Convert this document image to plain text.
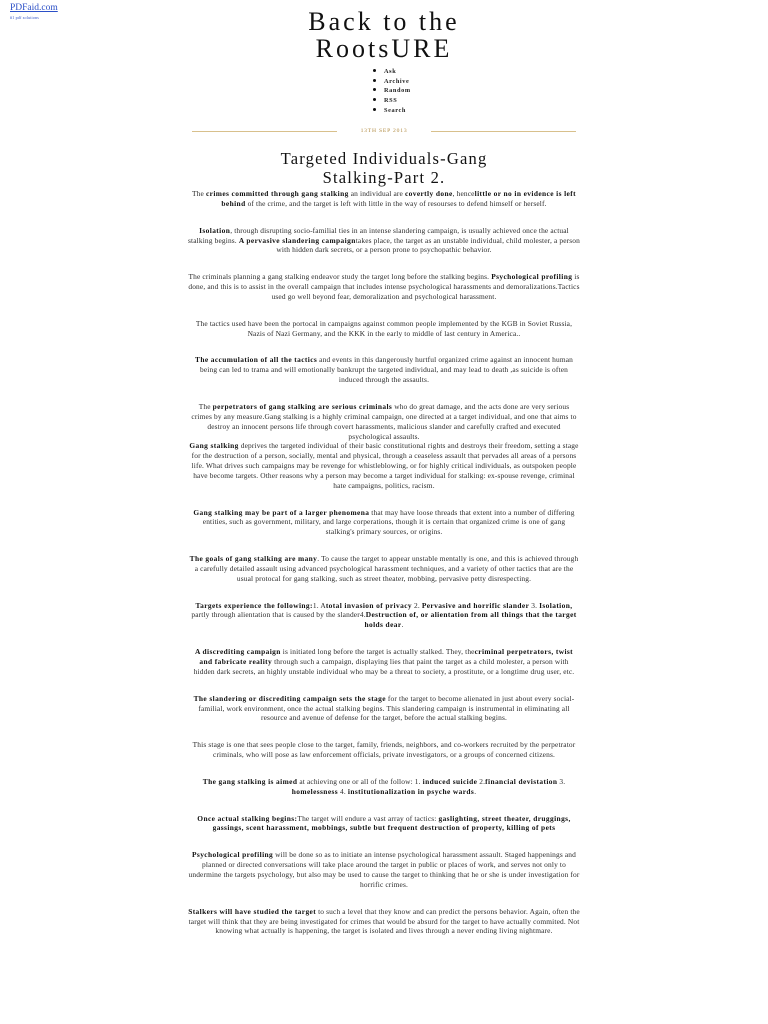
PDFaid.com
#1 pdf solutions	Back to the
RootsURE
Ask
Archive
Random
RSS
Search
13TH SEP 2013
Targeted Individuals-Gang
Stalking-Part 2.

The crimes committed through gang stalking an individual are covertly done, hencelittle or no in evidence is left behind of the crime, and the target is left with little in the way of resourses to defend himself or herself.

Isolation, through disrupting socio-familial ties in an intense slandering campaign, is usually achieved once the actual stalking begins. A pervasive slandering campaigntakes place, the target as an unstable individual, child molester, a person with hidden dark secrets, or a person prone to psychopathic behavior.

The criminals planning a gang stalking endeavor study the target long before the stalking begins. Psychological profiling is done, and this is to assist in the overall campaign that includes intense psychological harassments and demoralizations.Tactics used go well beyond fear, demoralization and psychological harassment.

The tactics used have been the portocal in campaigns against common people implemented by the KGB in Soviet Russia, Nazis of Nazi Germany, and the KKK in the early to middle of last century in America..

The accumulation of all the tactics and events in this dangerously hurtful organized crime against an innocent human being can led to trama and will emotionally bankrupt the targeted individual, and may lead to death ,as suicide is often induced through the assaults.

The perpetrators of gang stalking are serious criminals who do great damage, and the acts done are very serious crimes by any measure.Gang stalking is a highly criminal campaign, one directed at a target individual, and one that aims to destroy an innocent persons life through covert harassments, malicious slander and carefully crafted and executed psychological assaults.
Gang stalking deprives the targeted individual of their basic constitutional rights and destroys their freedom, setting a stage for the destruction of a person, socially, mental and physical, through a ceaseless assault that pervades all areas of a persons life. What drives such campaigns may be revenge for whistleblowing, or for highly critical individuals, as outspoken people have become targets. Other reasons why a person may become a target individual for stalking: ex-spouse revenge, criminal hate campaigns, politics, racism.

Gang stalking may be part of a larger phenomena that may have loose threads that extent into a number of differing entities, such as government, military, and large corperations, though it is certain that organized crime is one of gang stalking's primary sources, or origins.

The goals of gang stalking are many. To cause the target to appear unstable mentally is one, and this is achieved through a carefully detailed assault using advanced psychological harassment techniques, and a variety of other tactics that are the usual protocal for gang stalking, such as street theater, mobbing, pervasive petty disrespecting.

Targets experience the following:1. Atotal invasion of privacy 2. Pervasive and horrific slander 3. Isolation, partly through alientation that is caused by the slander4.Destruction of, or alientation from all things that the target holds dear.

A discrediting campaign is initiated long before the target is actually stalked. They, thecriminal perpetrators, twist and fabricate reality through such a campaign, displaying lies that paint the target as a child molester, a person with hidden dark secrets, an highly unstable individual who may be a threat to society, a prostitute, or a longtime drug user, etc.

The slandering or discrediting campaign sets the stage for the target to become alienated in just about every social-familial, work environment, once the actual stalking begins. This slandering campaign is instrumental in eliminating all resource and avenue of defense for the target, before the actual stalking begins.

This stage is one that sees people close to the target, family, friends, neighbors, and co-workers recruited by the perpetrator criminals, who will pose as law enforcement officials, private investigators, or a groups of concerned citizens.

The gang stalking is aimed at achieving one or all of the follow: 1. induced suicide 2.financial devistation 3. homelessness 4. institutionalization in psyche wards.

Once actual stalking begins:The target will endure a vast array of tactics: gaslighting, street theater, druggings, gassings, scent harassment, mobbings, subtle but frequent destruction of property, killing of pets

Psychological profiling will be done so as to initiate an intense psychological harassment assault. Staged happenings and planned or directed conversations will take place around the target in public or places of work, and serves not only to undermine the targets psychology, but also may be used to cause the target to thinking that he or she is under investigation for horrific crimes.

Stalkers will have studied the target to such a level that they know and can predict the persons behavior. Again, often the target will think that they are being investigated for crimes that would be absurd for the target to have actually commited. Not knowing what actually is happening, the target is isolated and lives through a never ending living nightmare.
